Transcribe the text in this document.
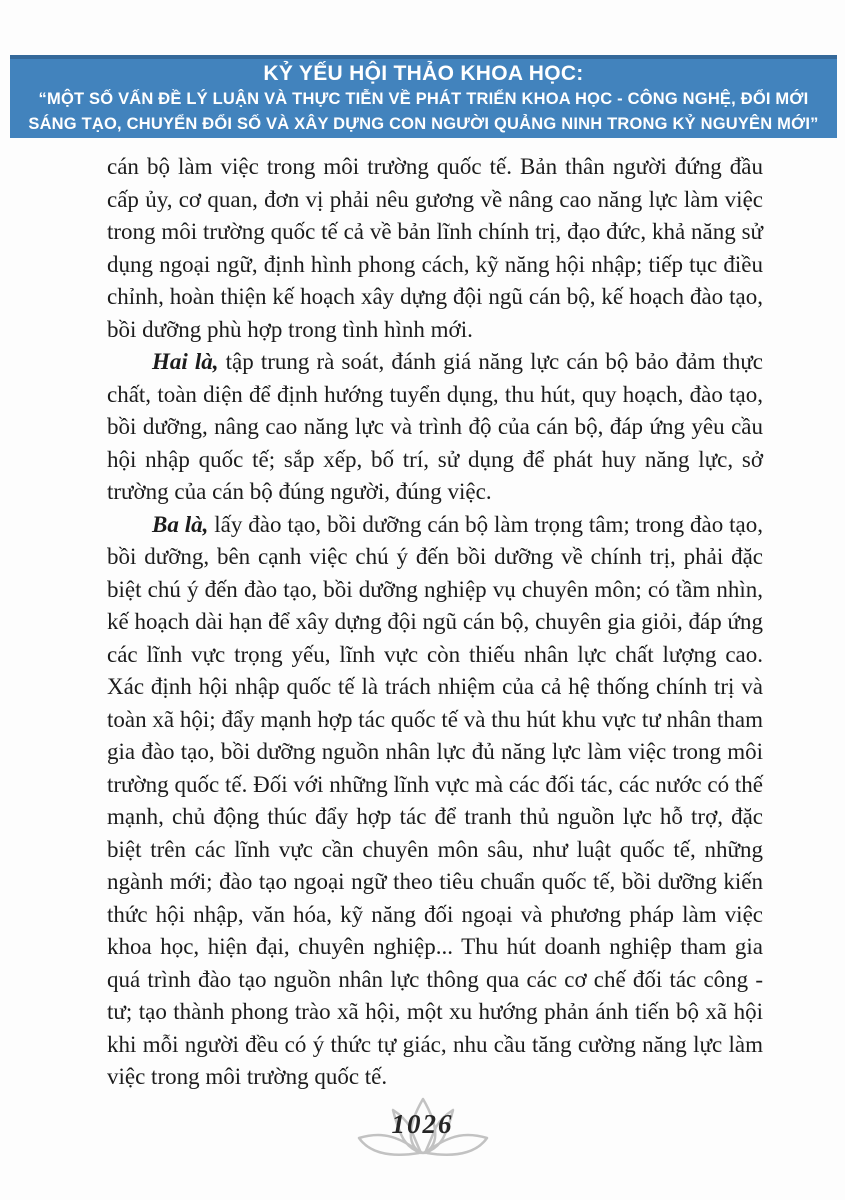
KỶ YẾU HỘI THẢO KHOA HỌC:
“MỘT SỐ VẤN ĐỀ LÝ LUẬN VÀ THỰC TIỄN VỀ PHÁT TRIỂN KHOA HỌC - CÔNG NGHỆ, ĐỔI MỚI
SÁNG TẠO, CHUYỂN ĐỔI SỐ VÀ XÂY DỰNG CON NGƯỜI QUẢNG NINH TRONG KỶ NGUYÊN MỚI”

cán bộ làm việc trong môi trường quốc tế. Bản thân người đứng đầu cấp ủy, cơ quan, đơn vị phải nêu gương về nâng cao năng lực làm việc trong môi trường quốc tế cả về bản lĩnh chính trị, đạo đức, khả năng sử dụng ngoại ngữ, định hình phong cách, kỹ năng hội nhập; tiếp tục điều chỉnh, hoàn thiện kế hoạch xây dựng đội ngũ cán bộ, kế hoạch đào tạo, bồi dưỡng phù hợp trong tình hình mới.

Hai là, tập trung rà soát, đánh giá năng lực cán bộ bảo đảm thực chất, toàn diện để định hướng tuyển dụng, thu hút, quy hoạch, đào tạo, bồi dưỡng, nâng cao năng lực và trình độ của cán bộ, đáp ứng yêu cầu hội nhập quốc tế; sắp xếp, bố trí, sử dụng để phát huy năng lực, sở trường của cán bộ đúng người, đúng việc.

Ba là, lấy đào tạo, bồi dưỡng cán bộ làm trọng tâm; trong đào tạo, bồi dưỡng, bên cạnh việc chú ý đến bồi dưỡng về chính trị, phải đặc biệt chú ý đến đào tạo, bồi dưỡng nghiệp vụ chuyên môn; có tầm nhìn, kế hoạch dài hạn để xây dựng đội ngũ cán bộ, chuyên gia giỏi, đáp ứng các lĩnh vực trọng yếu, lĩnh vực còn thiếu nhân lực chất lượng cao. Xác định hội nhập quốc tế là trách nhiệm của cả hệ thống chính trị và toàn xã hội; đẩy mạnh hợp tác quốc tế và thu hút khu vực tư nhân tham gia đào tạo, bồi dưỡng nguồn nhân lực đủ năng lực làm việc trong môi trường quốc tế. Đối với những lĩnh vực mà các đối tác, các nước có thế mạnh, chủ động thúc đẩy hợp tác để tranh thủ nguồn lực hỗ trợ, đặc biệt trên các lĩnh vực cần chuyên môn sâu, như luật quốc tế, những ngành mới; đào tạo ngoại ngữ theo tiêu chuẩn quốc tế, bồi dưỡng kiến thức hội nhập, văn hóa, kỹ năng đối ngoại và phương pháp làm việc khoa học, hiện đại, chuyên nghiệp... Thu hút doanh nghiệp tham gia quá trình đào tạo nguồn nhân lực thông qua các cơ chế đối tác công - tư; tạo thành phong trào xã hội, một xu hướng phản ánh tiến bộ xã hội khi mỗi người đều có ý thức tự giác, nhu cầu tăng cường năng lực làm việc trong môi trường quốc tế.

1026
